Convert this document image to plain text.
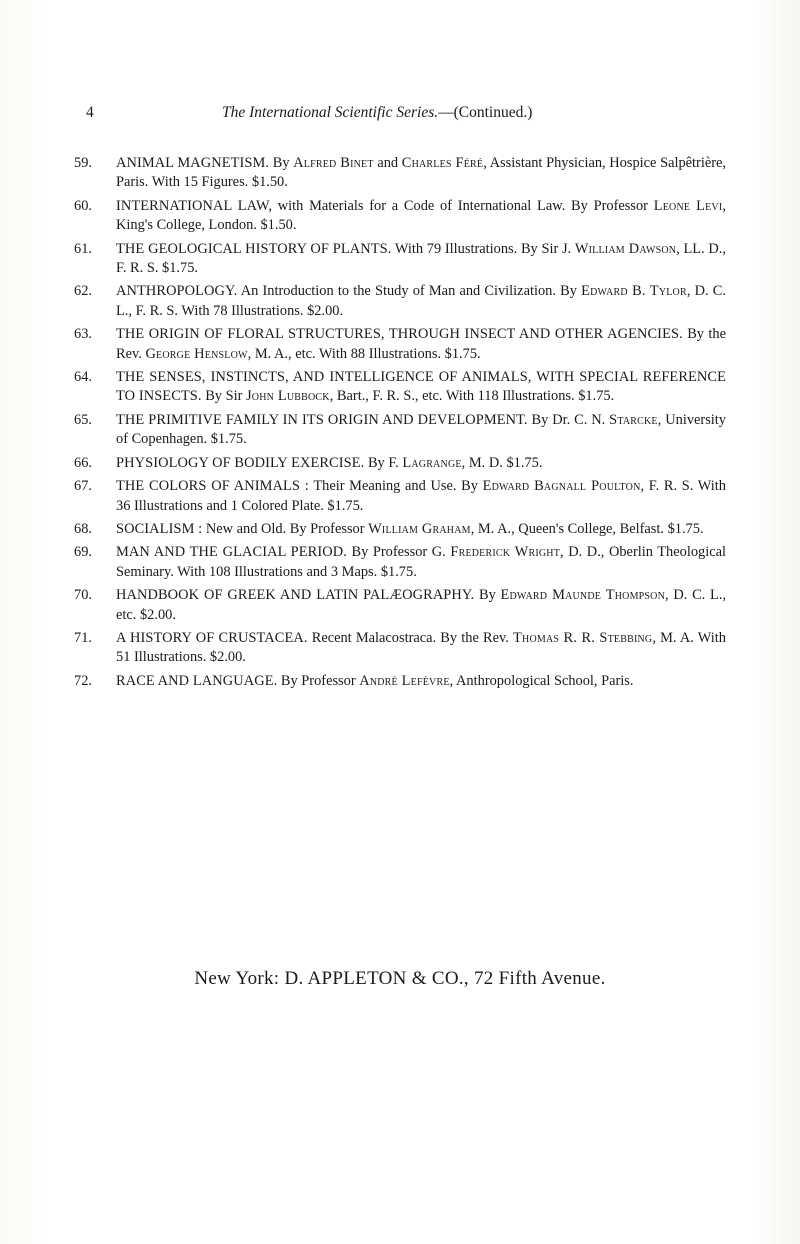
4	The International Scientific Series.—(Continued.)
59.	ANIMAL MAGNETISM. By Alfred Binet and Charles Féré, Assistant Physician, Hospice Salpêtrière, Paris. With 15 Figures. $1.50.
60.	INTERNATIONAL LAW, with Materials for a Code of International Law. By Professor Leone Levi, King's College, London. $1.50.
61.	THE GEOLOGICAL HISTORY OF PLANTS. With 79 Illustrations. By Sir J. William Dawson, LL. D., F. R. S. $1.75.
62.	ANTHROPOLOGY. An Introduction to the Study of Man and Civilization. By Edward B. Tylor, D. C. L., F. R. S. With 78 Illustrations. $2.00.
63.	THE ORIGIN OF FLORAL STRUCTURES, THROUGH INSECT AND OTHER AGENCIES. By the Rev. George Henslow, M. A., etc. With 88 Illustrations. $1.75.
64.	THE SENSES, INSTINCTS, AND INTELLIGENCE OF ANIMALS, WITH SPECIAL REFERENCE TO INSECTS. By Sir John Lubbock, Bart., F. R. S., etc. With 118 Illustrations. $1.75.
65.	THE PRIMITIVE FAMILY IN ITS ORIGIN AND DEVELOPMENT. By Dr. C. N. Starcke, University of Copenhagen. $1.75.
66.	PHYSIOLOGY OF BODILY EXERCISE. By F. Lagrange, M. D. $1.75.
67.	THE COLORS OF ANIMALS : Their Meaning and Use. By Edward Bagnall Poulton, F. R. S. With 36 Illustrations and 1 Colored Plate. $1.75.
68.	SOCIALISM : New and Old. By Professor William Graham, M. A., Queen's College, Belfast. $1.75.
69.	MAN AND THE GLACIAL PERIOD. By Professor G. Frederick Wright, D. D., Oberlin Theological Seminary. With 108 Illustrations and 3 Maps. $1.75.
70.	HANDBOOK OF GREEK AND LATIN PALÆOGRAPHY. By Edward Maunde Thompson, D. C. L., etc. $2.00.
71.	A HISTORY OF CRUSTACEA. Recent Malacostraca. By the Rev. Thomas R. R. Stebbing, M. A. With 51 Illustrations. $2.00.
72.	RACE AND LANGUAGE. By Professor André Lefèvre, Anthropological School, Paris.
New York: D. APPLETON & CO., 72 Fifth Avenue.
